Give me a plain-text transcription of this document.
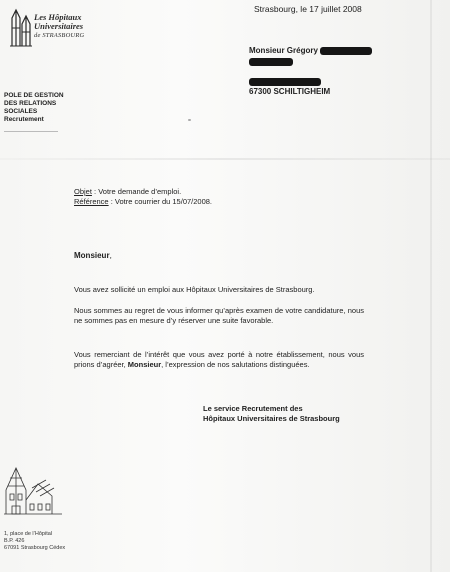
Les Hôpitaux
Universitaires
de STRASBOURG
Strasbourg, le 17 juillet 2008
Monsieur Grégory
67300 SCHILTIGHEIM
POLE DE GESTION
DES RELATIONS
SOCIALES
Recrutement
Objet : Votre demande d’emploi.
Référence : Votre courrier du 15/07/2008.
Monsieur,
Vous avez sollicité un emploi aux Hôpitaux Universitaires de Strasbourg.
Nous sommes au regret de vous informer qu’après examen de votre candidature, nous ne sommes pas en mesure d’y réserver une suite favorable.
Vous remerciant de l’intérêt que vous avez porté à notre établissement, nous vous prions d’agréer, Monsieur, l’expression de nos salutations distinguées.
Le service Recrutement des
Hôpitaux Universitaires de Strasbourg
1, place de l’Hôpital
B.P. 426
67091 Strasbourg Cédex
